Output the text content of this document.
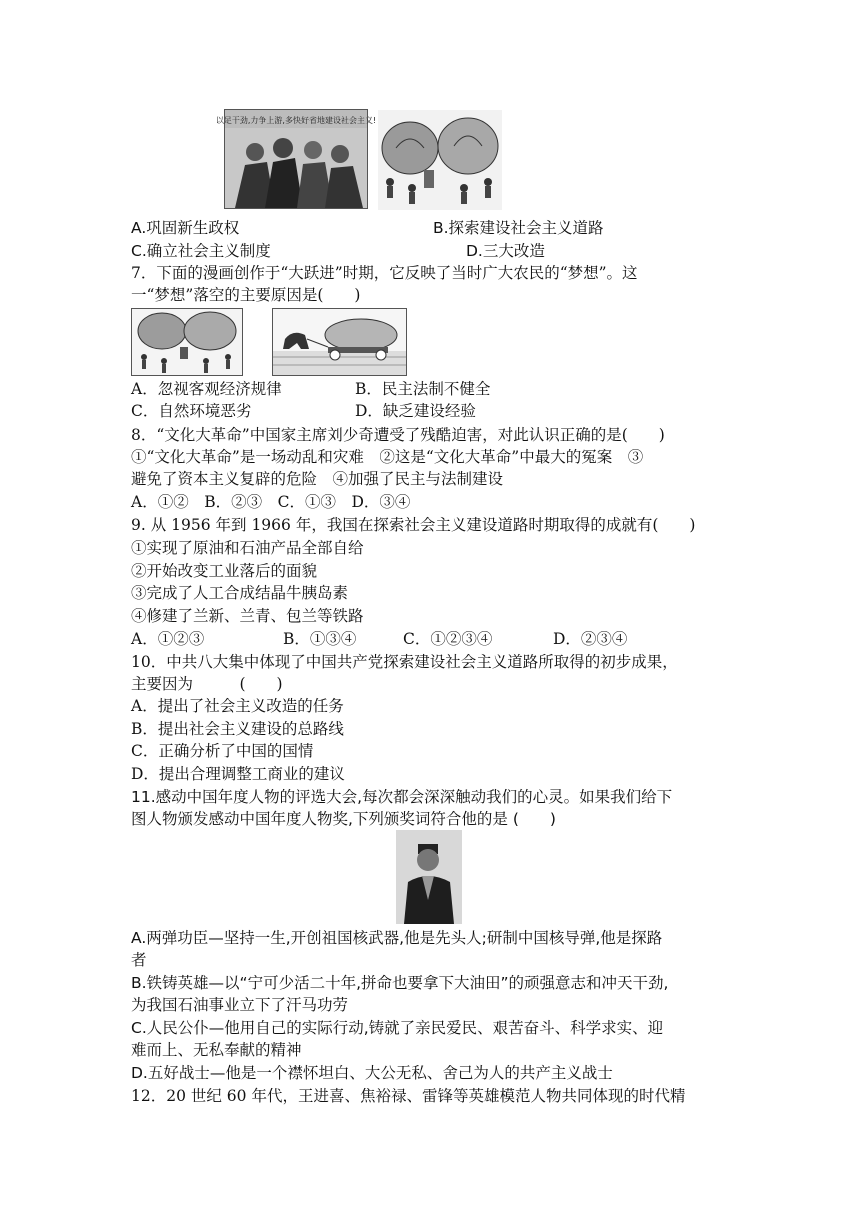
以足干劲,力争上游,多快好省地建设社会主义!
A.巩固新生政权	B.探索建设社会主义道路
C.确立社会主义制度	D.三大改造
7．下面的漫画创作于“大跃进”时期，它反映了当时广大农民的“梦想”。这
一“梦想”落空的主要原因是(　　)
A．忽视客观经济规律	B．民主法制不健全
C．自然环境恶劣	D．缺乏建设经验
8．“文化大革命”中国家主席刘少奇遭受了残酷迫害，对此认识正确的是(　　)
①“文化大革命”是一场动乱和灾难　②这是“文化大革命”中最大的冤案　③
避免了资本主义复辟的危险　④加强了民主与法制建设
A．①②　B．②③　C．①③　D．③④
9. 从 1956 年到 1966 年，我国在探索社会主义建设道路时期取得的成就有(　　)
①实现了原油和石油产品全部自给
②开始改变工业落后的面貌
③完成了人工合成结晶牛胰岛素
④修建了兰新、兰青、包兰等铁路
A．①②③	B．①③④	C．①②③④	D．②③④
10．中共八大集中体现了中国共产党探索建设社会主义道路所取得的初步成果，
主要因为　　　(　　)
A．提出了社会主义改造的任务
B．提出社会主义建设的总路线
C．正确分析了中国的国情
D．提出合理调整工商业的建议
11.感动中国年度人物的评选大会,每次都会深深触动我们的心灵。如果我们给下
图人物颁发感动中国年度人物奖,下列颁奖词符合他的是 (　　)
A.两弹功臣—坚持一生,开创祖国核武器,他是先头人;研制中国核导弹,他是探路
者
B.铁铸英雄—以“宁可少活二十年,拼命也要拿下大油田”的顽强意志和冲天干劲,
为我国石油事业立下了汗马功劳
C.人民公仆—他用自己的实际行动,铸就了亲民爱民、艰苦奋斗、科学求实、迎
难而上、无私奉献的精神
D.五好战士—他是一个襟怀坦白、大公无私、舍己为人的共产主义战士
12．20 世纪 60 年代，王进喜、焦裕禄、雷锋等英雄模范人物共同体现的时代精
